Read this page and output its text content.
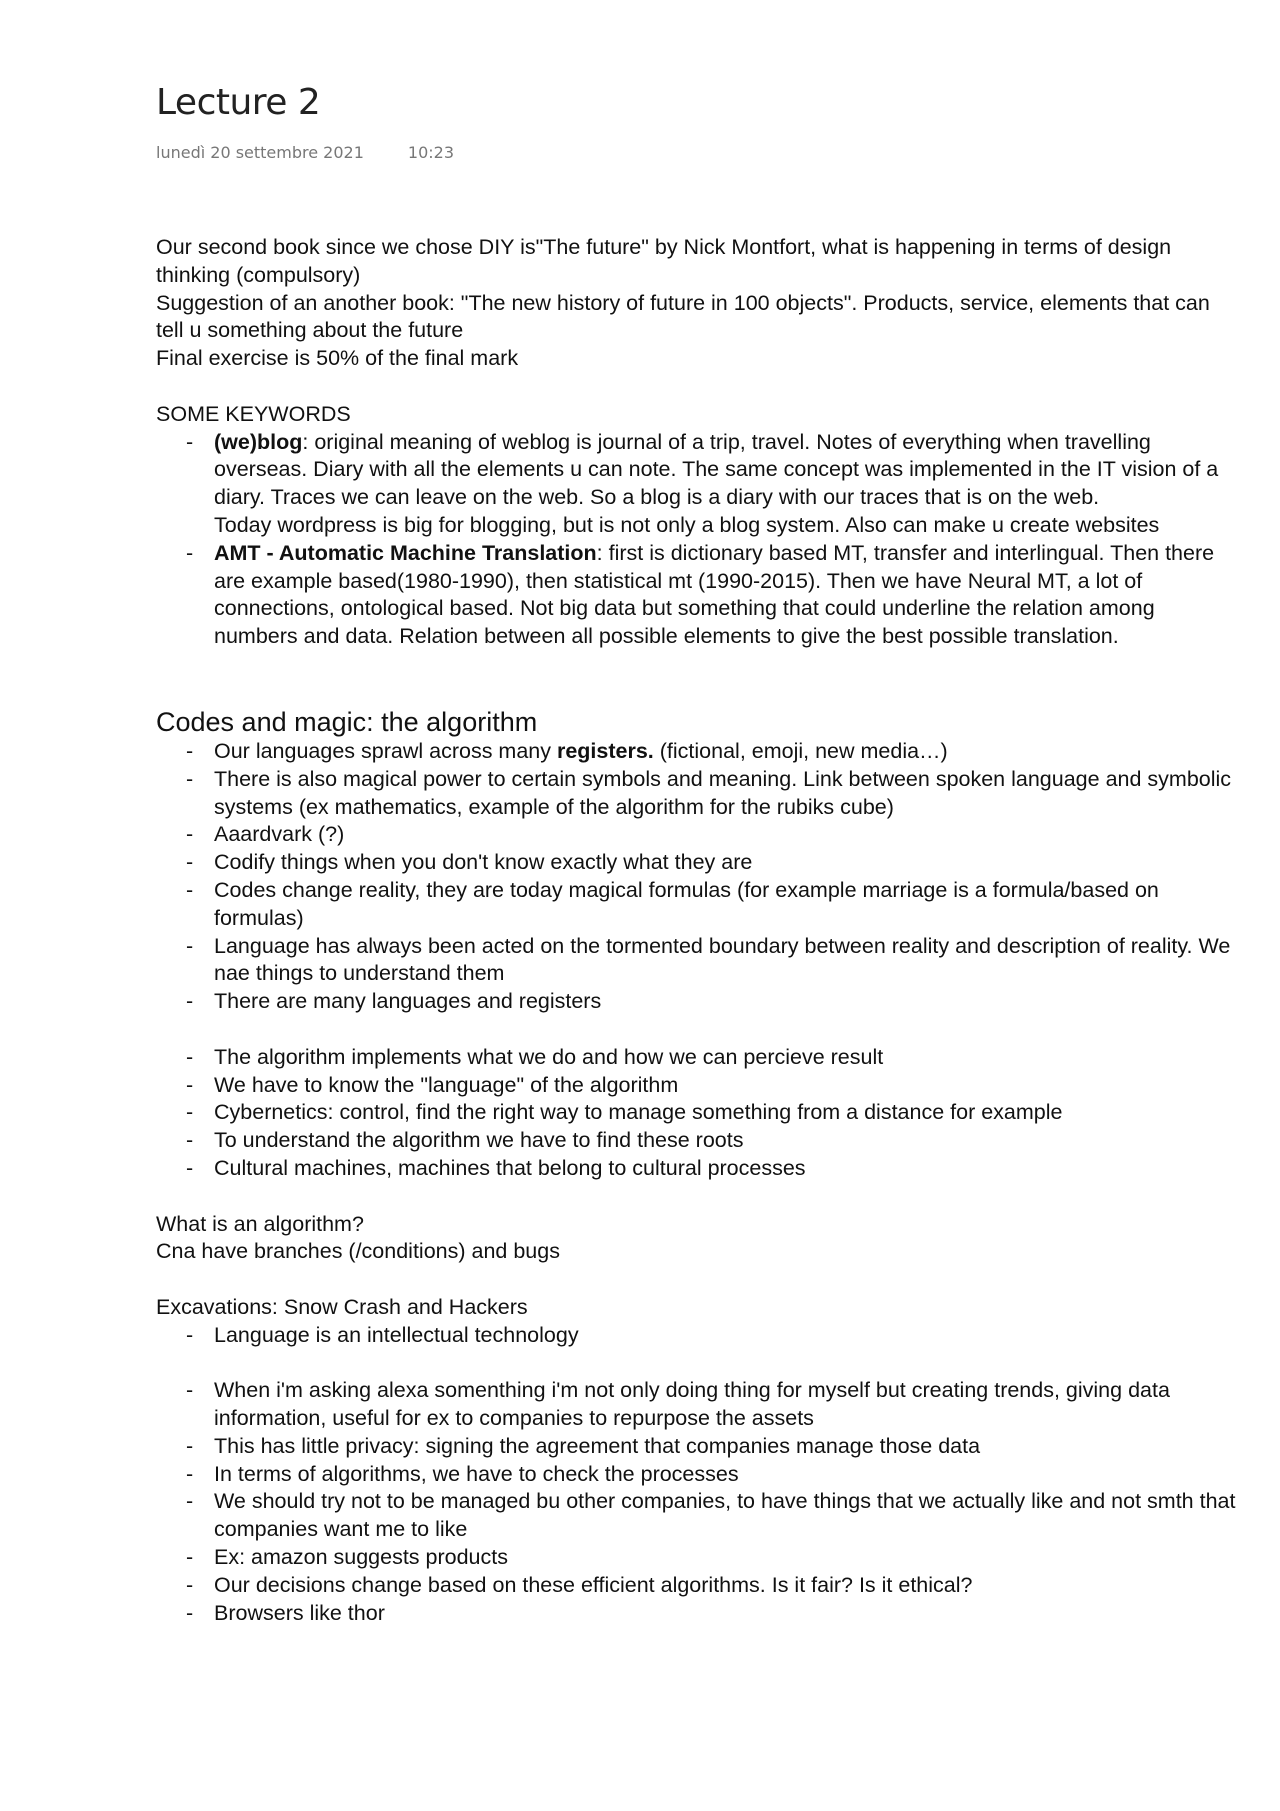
Lecture 2
lunedì 20 settembre 2021	10:23

Our second book since we chose DIY is"The future" by Nick Montfort, what is happening in terms of design thinking (compulsory)

Suggestion of an another book: "The new history of future in 100 objects". Products, service, elements that can tell u something about the future

Final exercise is 50% of the final mark

SOME KEYWORDS

- (we)blog: original meaning of weblog is journal of a trip, travel. Notes of everything when travelling overseas. Diary with all the elements u can note. The same concept was implemented in the IT vision of a diary. Traces we can leave on the web. So a blog is a diary with our traces that is on the web.
Today wordpress is big for blogging, but is not only a blog system. Also can make u create websites
- AMT - Automatic Machine Translation: first is dictionary based MT, transfer and interlingual. Then there are example based(1980-1990), then statistical mt (1990-2015). Then we have Neural MT, a lot of connections, ontological based. Not big data but something that could underline the relation among numbers and data. Relation between all possible elements to give the best possible translation.

Codes and magic: the algorithm

- Our languages sprawl across many registers. (fictional, emoji, new media…)
- There is also magical power to certain symbols and meaning. Link between spoken language and symbolic systems (ex mathematics, example of the algorithm for the rubiks cube)
- Aaardvark (?)
- Codify things when you don't know exactly what they are
- Codes change reality, they are today magical formulas (for example marriage is a formula/based on formulas)
- Language has always been acted on the tormented boundary between reality and description of reality. We nae things to understand them
- There are many languages and registers
- The algorithm implements what we do and how we can percieve result
- We have to know the "language" of the algorithm
- Cybernetics: control, find the right way to manage something from a distance for example
- To understand the algorithm we have to find these roots
- Cultural machines, machines that belong to cultural processes

What is an algorithm?

Cna have branches (/conditions) and bugs

Excavations: Snow Crash and Hackers

- Language is an intellectual technology
- When i'm asking alexa somenthing i'm not only doing thing for myself but creating trends, giving data information, useful for ex to companies to repurpose the assets
- This has little privacy: signing the agreement that companies manage those data
- In terms of algorithms, we have to check the processes
- We should try not to be managed bu other companies, to have things that we actually like and not smth that companies want me to like
- Ex: amazon suggests products
- Our decisions change based on these efficient algorithms. Is it fair? Is it ethical?
- Browsers like thor
